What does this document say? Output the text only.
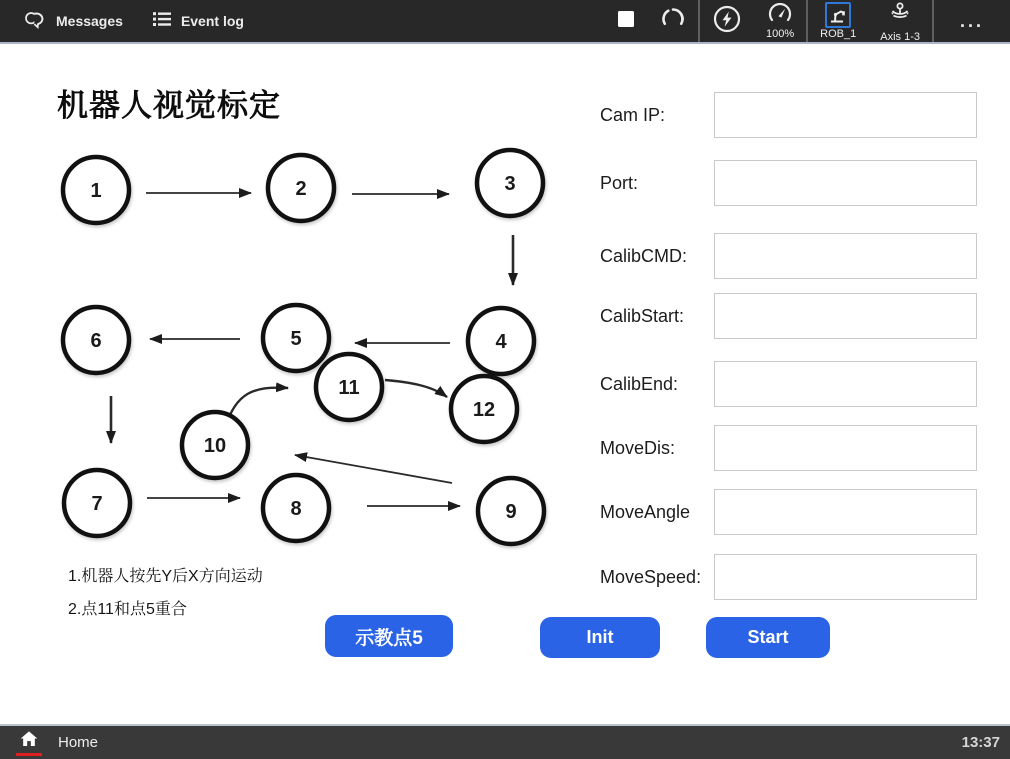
Messages	Event log
100% ROB_1 Axis 1-3
...
机器人视觉标定
1	2	3
4
5
6
11
12
10
7	8	9
1.机器人按先Y后X方向运动
2.点11和点5重合
示教点5	Init	Start
Cam IP:
Port:
CalibCMD:
CalibStart:
CalibEnd:
MoveDis:
MoveAngle
MoveSpeed:
Home	13:37
